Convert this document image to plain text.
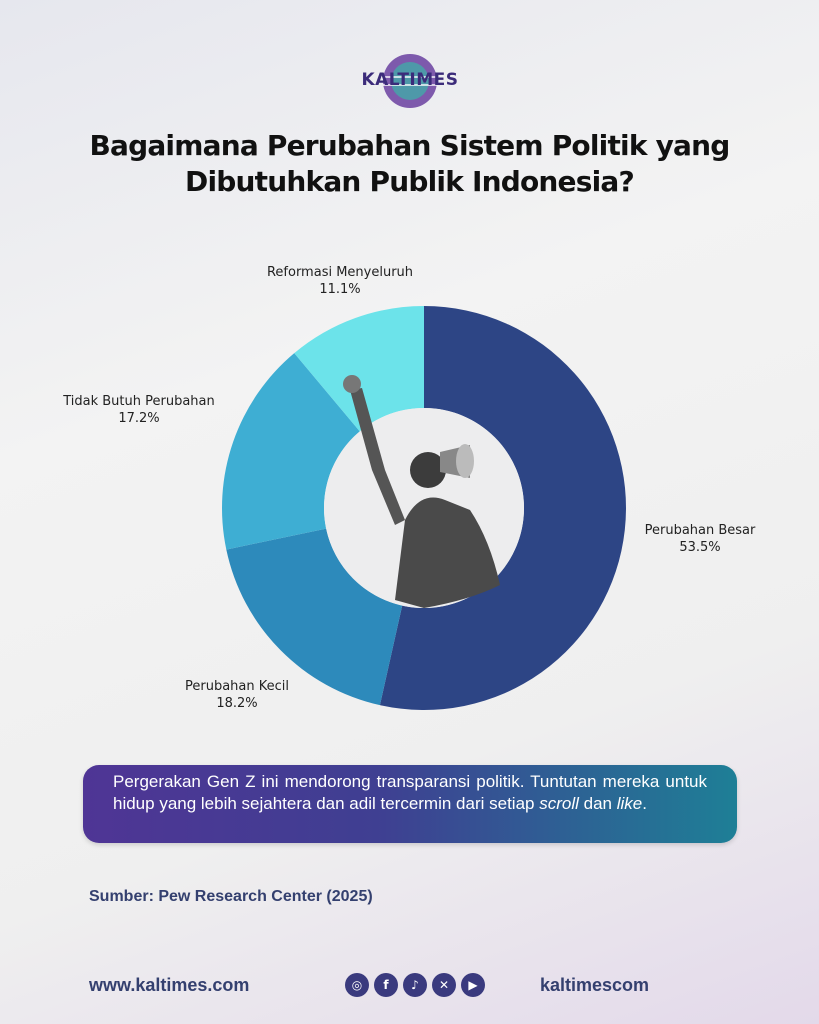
KALTIMES
Bagaimana Perubahan Sistem Politik yang
Dibutuhkan Publik Indonesia?
Perubahan Besar
53.5%
Perubahan Kecil
18.2%
Tidak Butuh Perubahan
17.2%
Reformasi Menyeluruh
11.1%

Pergerakan Gen Z ini mendorong transparansi politik. Tuntutan mereka untuk hidup yang lebih sejahtera dan adil tercermin dari setiap scroll dan like.

Sumber: Pew Research Center (2025)
www.kaltimes.com	◎	f	♪	✕	▶	kaltimescom
